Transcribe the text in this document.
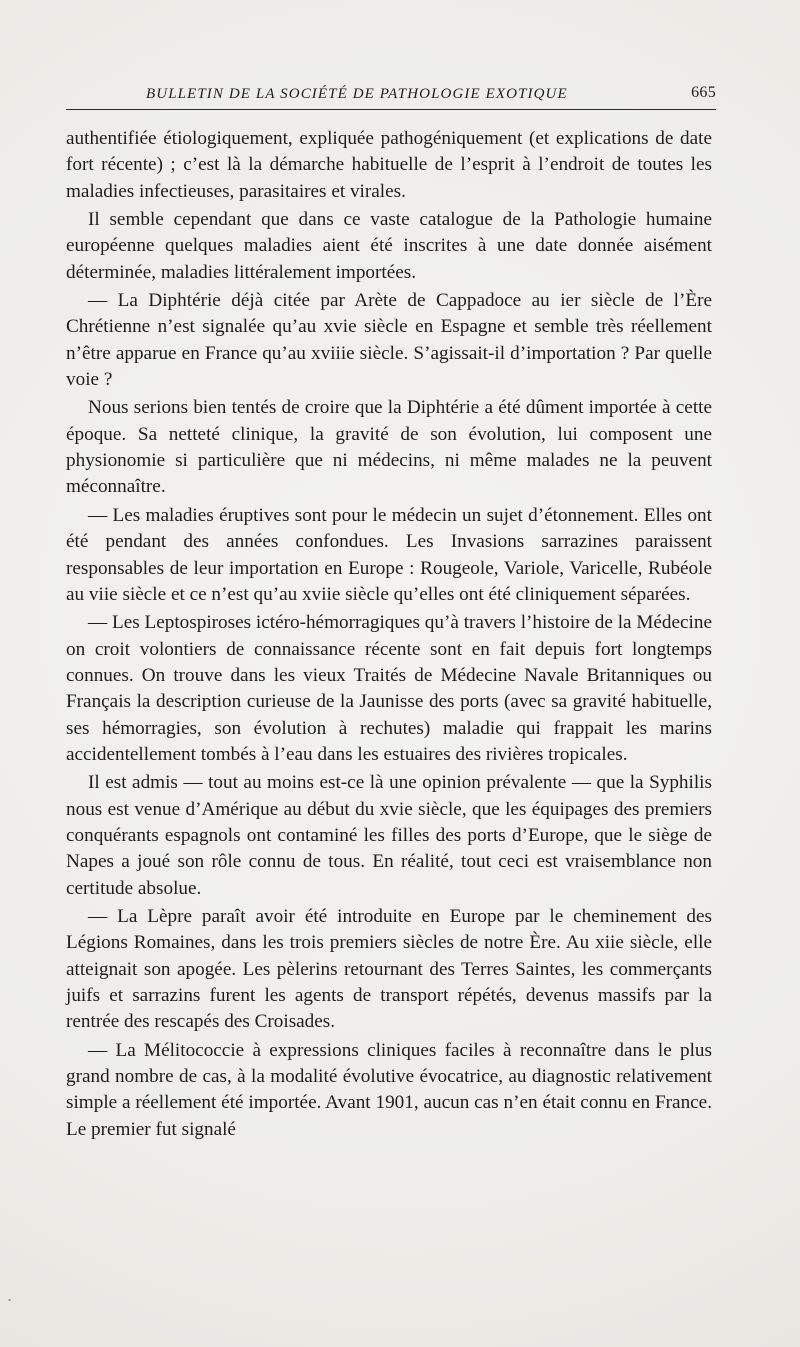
BULLETIN DE LA SOCIÉTÉ DE PATHOLOGIE EXOTIQUE	665

authentifiée étiologiquement, expliquée pathogéniquement (et explications de date fort récente) ; c’est là la démarche habituelle de l’esprit à l’endroit de toutes les maladies infectieuses, parasitaires et virales.

Il semble cependant que dans ce vaste catalogue de la Pathologie humaine européenne quelques maladies aient été inscrites à une date donnée aisément déterminée, maladies littéralement importées.

— La Diphtérie déjà citée par Arète de Cappadoce au ier siècle de l’Ère Chrétienne n’est signalée qu’au xvie siècle en Espagne et semble très réellement n’être apparue en France qu’au xviiie siècle. S’agissait-il d’importation ? Par quelle voie ?

Nous serions bien tentés de croire que la Diphtérie a été dûment importée à cette époque. Sa netteté clinique, la gravité de son évolution, lui composent une physionomie si particulière que ni médecins, ni même malades ne la peuvent méconnaître.

— Les maladies éruptives sont pour le médecin un sujet d’étonnement. Elles ont été pendant des années confondues. Les Invasions sarrazines paraissent responsables de leur importation en Europe : Rougeole, Variole, Varicelle, Rubéole au viie siècle et ce n’est qu’au xviie siècle qu’elles ont été cliniquement séparées.

— Les Leptospiroses ictéro-hémorragiques qu’à travers l’histoire de la Médecine on croit volontiers de connaissance récente sont en fait depuis fort longtemps connues. On trouve dans les vieux Traités de Médecine Navale Britanniques ou Français la description curieuse de la Jaunisse des ports (avec sa gravité habituelle, ses hémorragies, son évolution à rechutes) maladie qui frappait les marins accidentellement tombés à l’eau dans les estuaires des rivières tropicales.

Il est admis — tout au moins est-ce là une opinion prévalente — que la Syphilis nous est venue d’Amérique au début du xvie siècle, que les équipages des premiers conquérants espagnols ont contaminé les filles des ports d’Europe, que le siège de Napes a joué son rôle connu de tous. En réalité, tout ceci est vraisemblance non certitude absolue.

— La Lèpre paraît avoir été introduite en Europe par le cheminement des Légions Romaines, dans les trois premiers siècles de notre Ère. Au xiie siècle, elle atteignait son apogée. Les pèlerins retournant des Terres Saintes, les commerçants juifs et sarrazins furent les agents de transport répétés, devenus massifs par la rentrée des rescapés des Croisades.

— La Mélitococcie à expressions cliniques faciles à reconnaître dans le plus grand nombre de cas, à la modalité évolutive évocatrice, au diagnostic relativement simple a réellement été importée. Avant 1901, aucun cas n’en était connu en France. Le premier fut signalé
